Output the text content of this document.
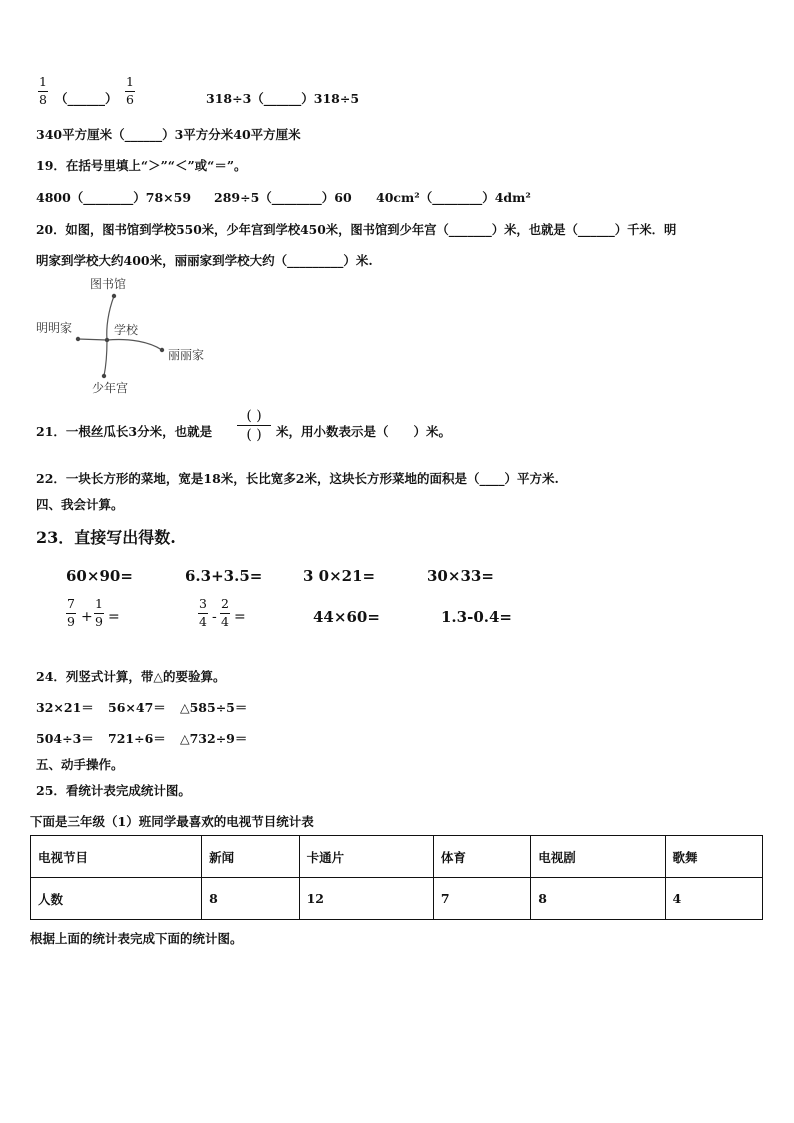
1
8 （______）
1
6	318÷3（______）318÷5
340平方厘米（______）3平方分米40平方厘米
19．在括号里填上“＞”“＜”或“＝”。
4800（________）78×59 289÷5（________）60 40cm²（________）4dm²
20．如图，图书馆到学校550米，少年宫到学校450米，图书馆到少年宫（_______）米，也就是（______）千米．明
明家到学校大约400米，丽丽家到学校大约（_________）米.
图书馆
明明家	学校
丽丽家
少年宫
21．一根丝瓜长3分米，也就是
( )
( )	米，用小数表示是（　　）米。
22．一块长方形的菜地，宽是18米，长比宽多2米，这块长方形菜地的面积是（____）平方米.
四、我会计算。
23．直接写出得数.
60×90=	6.3+3.5=	3 0×21=	30×33=
7
9 +
1
9 =
3
4 -
2
4 =	44×60=	1.3-0.4=
24．列竖式计算，带△的要验算。
32×21＝ 56×47＝ △585÷5＝
504÷3＝ 721÷6＝ △732÷9＝
五、动手操作。
25．看统计表完成统计图。
下面是三年级（1）班同学最喜欢的电视节目统计表
电视节目	新闻	卡通片	体育	电视剧	歌舞
人数	8	12	7	8	4
根据上面的统计表完成下面的统计图。
